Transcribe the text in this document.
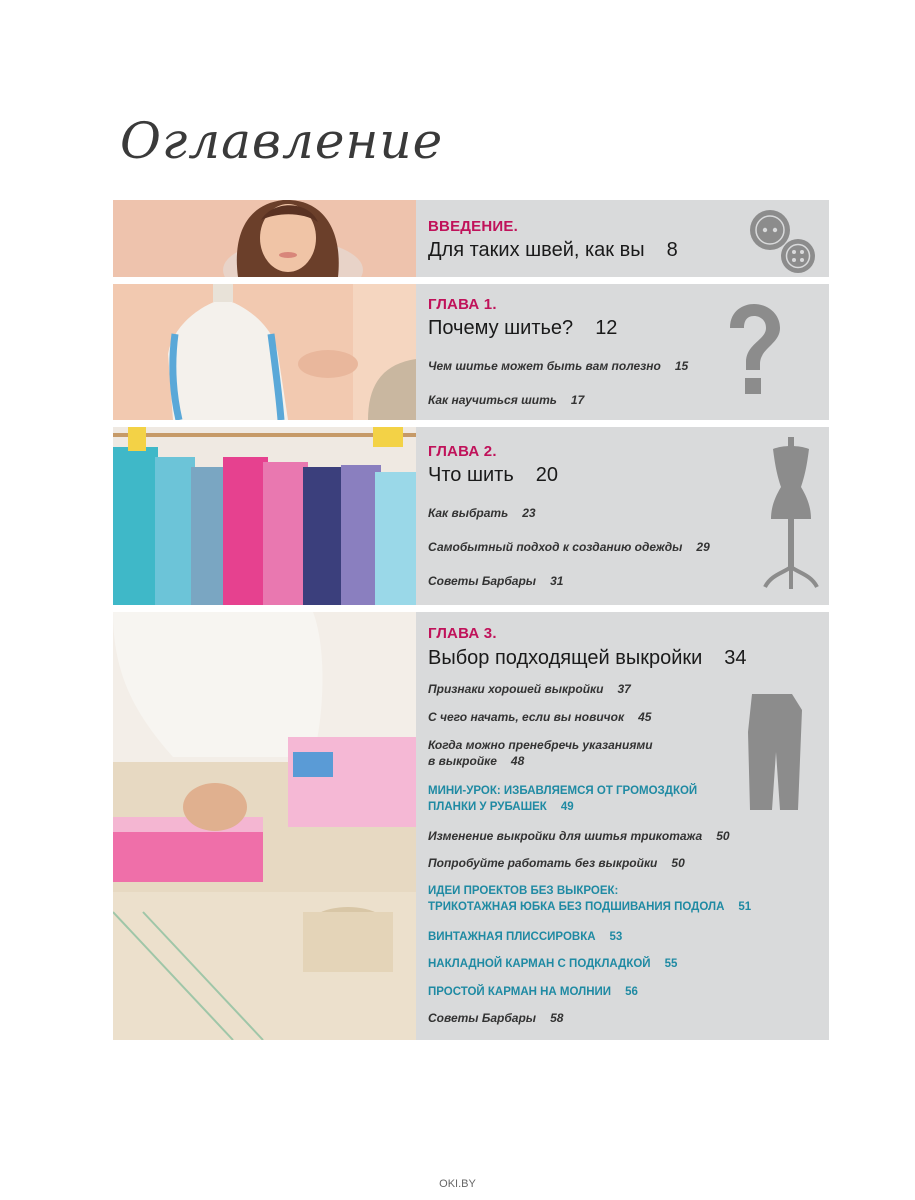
Оглавление
ВВЕДЕНИЕ.
Для таких швей, как вы 8
ГЛАВА 1.
Почему шитье? 12
Чем шитье может быть вам полезно 15
Как научиться шить 17
ГЛАВА 2.
Что шить 20
Как выбрать 23
Самобытный подход к созданию одежды 29
Советы Барбары 31
ГЛАВА 3.
Выбор подходящей выкройки 34
Признаки хорошей выкройки 37
С чего начать, если вы новичок 45
Когда можно пренебречь указаниями
в выкройке 48
МИНИ-УРОК: ИЗБАВЛЯЕМСЯ ОТ ГРОМОЗДКОЙ
ПЛАНКИ У РУБАШЕК 49
Изменение выкройки для шитья трикотажа 50
Попробуйте работать без выкройки 50
ИДЕИ ПРОЕКТОВ БЕЗ ВЫКРОЕК:
ТРИКОТАЖНАЯ ЮБКА БЕЗ ПОДШИВАНИЯ ПОДОЛА 51
ВИНТАЖНАЯ ПЛИССИРОВКА 53
НАКЛАДНОЙ КАРМАН С ПОДКЛАДКОЙ 55
ПРОСТОЙ КАРМАН НА МОЛНИИ 56
Советы Барбары 58
OKI.BY
